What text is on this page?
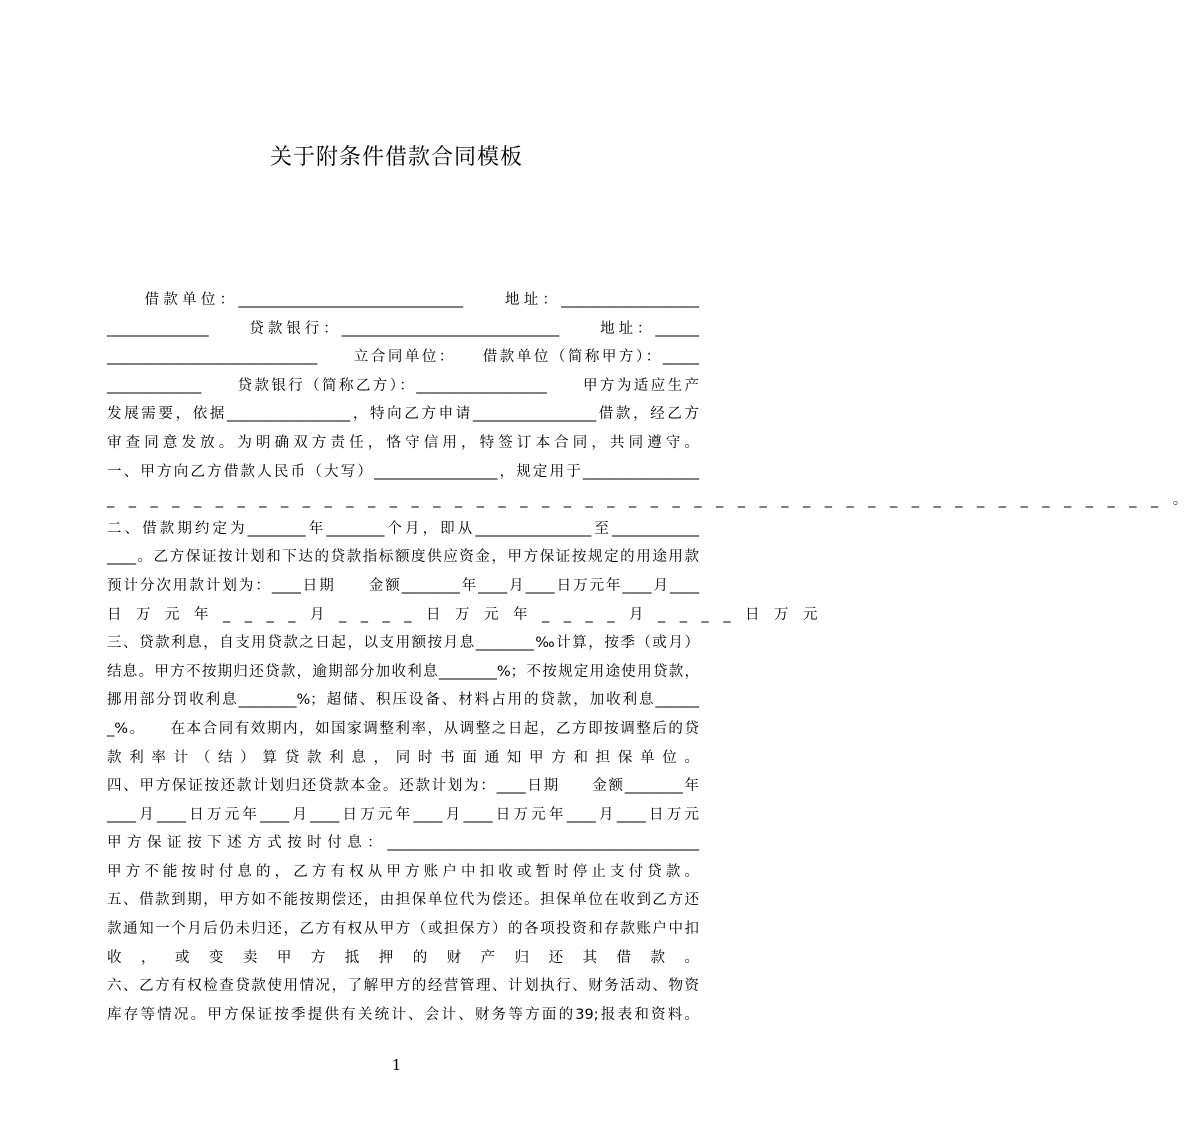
关于附条件借款合同模板
　　借款单位：_______________________________　　地址：___________________
______________　　贷款银行：______________________________　　地址：______
_____________________________　　立合同单位：　　借款单位（简称甲方）：_____
_____________　　贷款银行（简称乙方）：__________________　　甲方为适应生产
发展需要，依据_________________，特向乙方申请_________________借款，经乙方
审查同意发放。为明确双方责任，恪守信用，特签订本合同，共同遵守。
一、甲方向乙方借款人民币（大写）_________________，规定用于________________
_　_　_　_　_　_　_　_　_　_　_　_　_　_　_　_　_　_　_　_　_　_　_　_　_　_　_　_　_　_　_　_　_　_　_　_　_　_　_　_　_　_　_　_　_　_　_　_　_　。
二、借款期约定为________年________个月，即从________________至____________
____。乙方保证按计划和下达的贷款指标额度供应资金，甲方保证按规定的用途用款
预计分次用款计划为：____日期　　金额________年____月____日万元年____月____
日　万　元　年　_　_　_　_　月　_　_　_　_　日　万　元　年　_　_　_　_　月　_　_　_　_　日　万　元
三、贷款利息，自支用贷款之日起，以支用额按月息________‰计算，按季（或月）
结息。甲方不按期归还贷款，逾期部分加收利息________%；不按规定用途使用贷款，
挪用部分罚收利息________%；超储、积压设备、材料占用的贷款，加收利息______
_%。　　在本合同有效期内，如国家调整利率，从调整之日起，乙方即按调整后的贷
款利率计（结）算贷款利息，同时书面通知甲方和担保单位。
四、甲方保证按还款计划归还贷款本金。还款计划为：____日期　　金额________年
____月____日万元年____月____日万元年____月____日万元年____月____日万元
甲方保证按下述方式按时付息：___________________________________________
甲方不能按时付息的，乙方有权从甲方账户中扣收或暂时停止支付贷款。
五、借款到期，甲方如不能按期偿还，由担保单位代为偿还。担保单位在收到乙方还
款通知一个月后仍未归还，乙方有权从甲方（或担保方）的各项投资和存款账户中扣
收，或变卖甲方抵押的财产归还其借款。
六、乙方有权检查贷款使用情况，了解甲方的经营管理、计划执行、财务活动、物资
库存等情况。甲方保证按季提供有关统计、会计、财务等方面的39;报表和资料。
1
